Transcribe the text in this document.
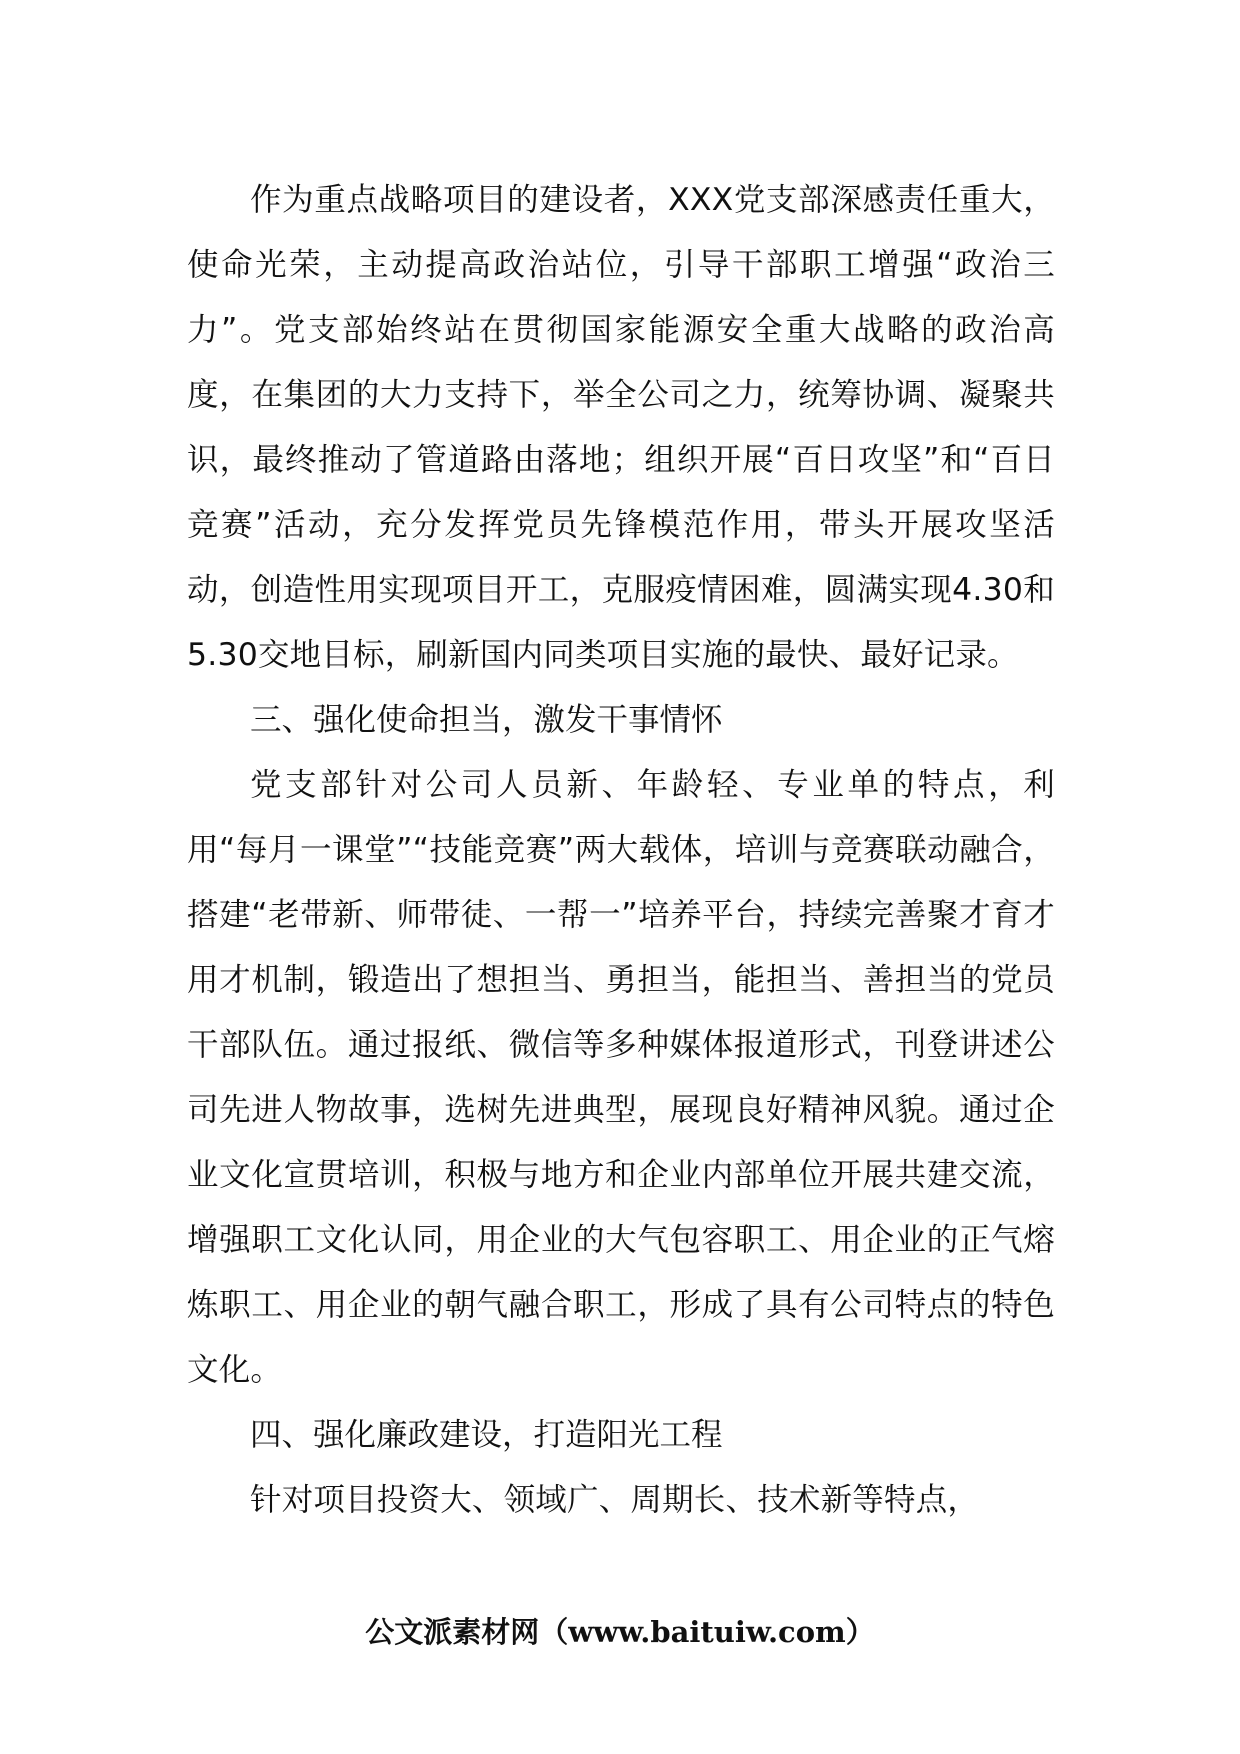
作为重点战略项目的建设者，XXX党支部深感责任重大，使命光荣，主动提高政治站位，引导干部职工增强“政治三力”。党支部始终站在贯彻国家能源安全重大战略的政治高度，在集团的大力支持下，举全公司之力，统筹协调、凝聚共识，最终推动了管道路由落地；组织开展“百日攻坚”和“百日竞赛”活动，充分发挥党员先锋模范作用，带头开展攻坚活动，创造性用实现项目开工，克服疫情困难，圆满实现4.30和5.30交地目标，刷新国内同类项目实施的最快、最好记录。

三、强化使命担当，激发干事情怀

党支部针对公司人员新、年龄轻、专业单的特点，利用“每月一课堂”“技能竞赛”两大载体，培训与竞赛联动融合，搭建“老带新、师带徒、一帮一”培养平台，持续完善聚才育才用才机制，锻造出了想担当、勇担当，能担当、善担当的党员干部队伍。通过报纸、微信等多种媒体报道形式，刊登讲述公司先进人物故事，选树先进典型，展现良好精神风貌。通过企业文化宣贯培训，积极与地方和企业内部单位开展共建交流，增强职工文化认同，用企业的大气包容职工、用企业的正气熔炼职工、用企业的朝气融合职工，形成了具有公司特点的特色文化。

四、强化廉政建设，打造阳光工程

针对项目投资大、领域广、周期长、技术新等特点，

公文派素材网（www.baituiw.com）
